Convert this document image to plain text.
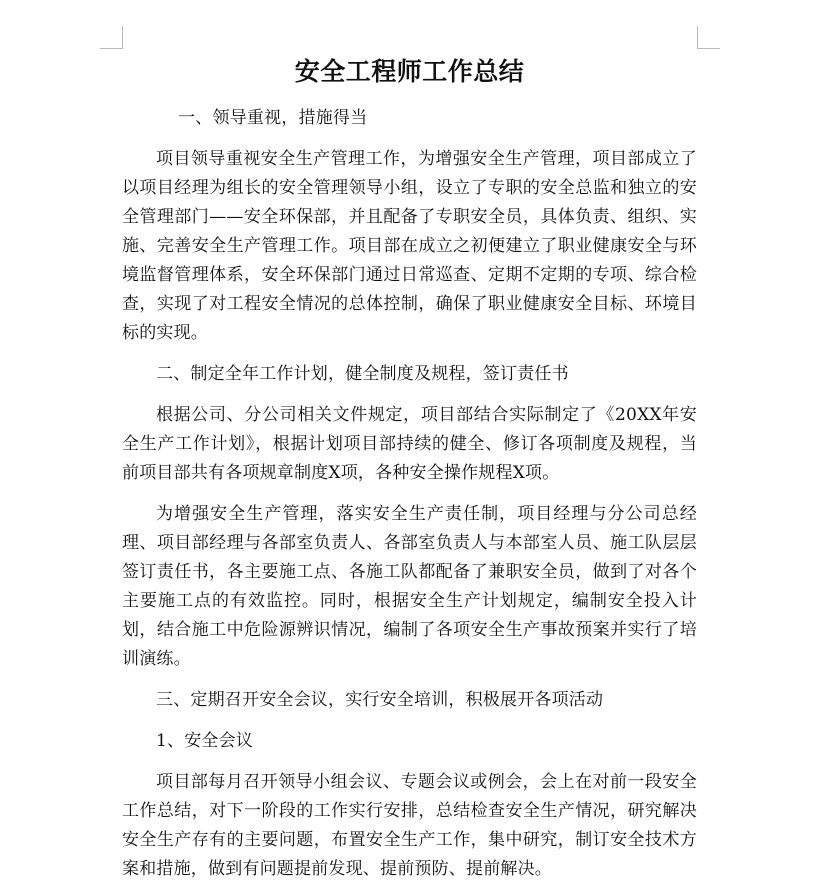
安全工程师工作总结

一、领导重视，措施得当

项目领导重视安全生产管理工作，为增强安全生产管理，项目部成立了以项目经理为组长的安全管理领导小组，设立了专职的安全总监和独立的安全管理部门——安全环保部，并且配备了专职安全员，具体负责、组织、实施、完善安全生产管理工作。项目部在成立之初便建立了职业健康安全与环境监督管理体系，安全环保部门通过日常巡查、定期不定期的专项、综合检查，实现了对工程安全情况的总体控制，确保了职业健康安全目标、环境目标的实现。

二、制定全年工作计划，健全制度及规程，签订责任书

根据公司、分公司相关文件规定，项目部结合实际制定了《20XX年安全生产工作计划》，根据计划项目部持续的健全、修订各项制度及规程，当前项目部共有各项规章制度X项，各种安全操作规程X项。

为增强安全生产管理，落实安全生产责任制，项目经理与分公司总经理、项目部经理与各部室负责人、各部室负责人与本部室人员、施工队层层签订责任书，各主要施工点、各施工队都配备了兼职安全员，做到了对各个主要施工点的有效监控。同时，根据安全生产计划规定，编制安全投入计划，结合施工中危险源辨识情况，编制了各项安全生产事故预案并实行了培训演练。

三、定期召开安全会议，实行安全培训，积极展开各项活动

1、安全会议

项目部每月召开领导小组会议、专题会议或例会，会上在对前一段安全工作总结，对下一阶段的工作实行安排，总结检查安全生产情况，研究解决安全生产存有的主要问题，布置安全生产工作，集中研究，制订安全技术方案和措施，做到有问题提前发现、提前预防、提前解决。
